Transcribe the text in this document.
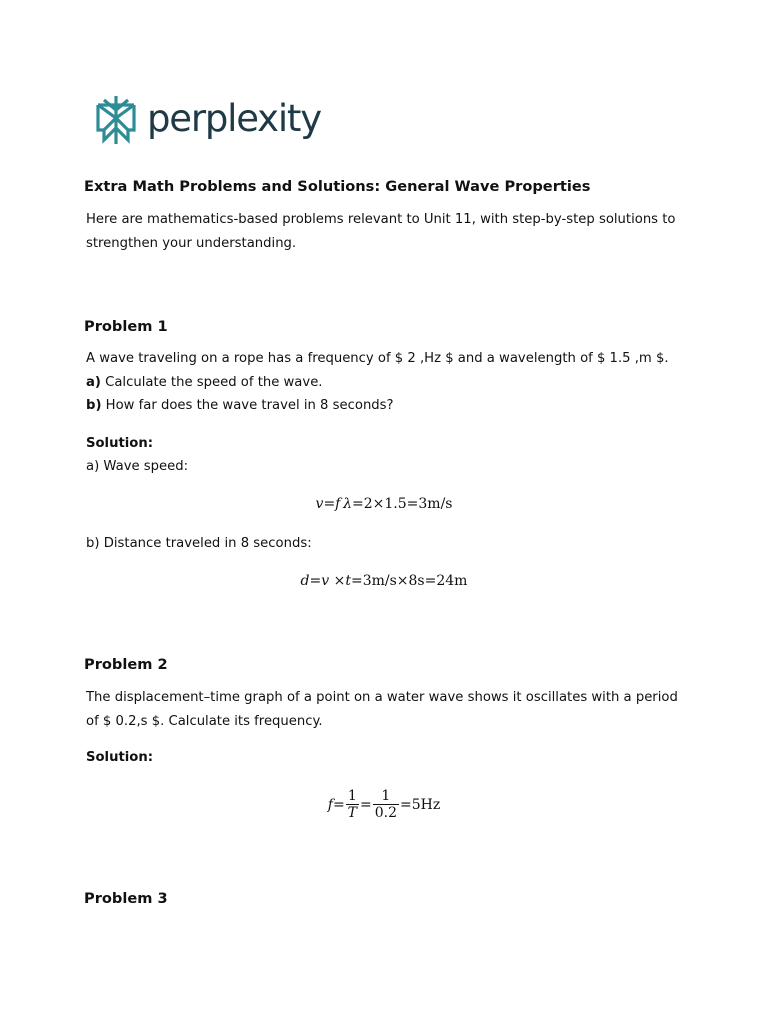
perplexity
Extra Math Problems and Solutions: General Wave Properties

Here are mathematics-based problems relevant to Unit 11, with step-by-step solutions to strengthen your understanding.

Problem 1

A wave traveling on a rope has a frequency of $ 2 ,Hz $ and a wavelength of $ 1.5 ,m $.

a) Calculate the speed of the wave.

b) How far does the wave travel in 8 seconds?

Solution:

a) Wave speed:

v=f  λ=2×1.5=3m/s

b) Distance traveled in 8 seconds:

d=v ×t=3m/s×8s=24m
Problem 2

The displacement–time graph of a point on a water wave shows it oscillates with a period of $ 0.2,s $. Calculate its frequency.

Solution:

$f = \frac{1}{T} = \frac{1}{0.2} =5Hz$
Problem 3
